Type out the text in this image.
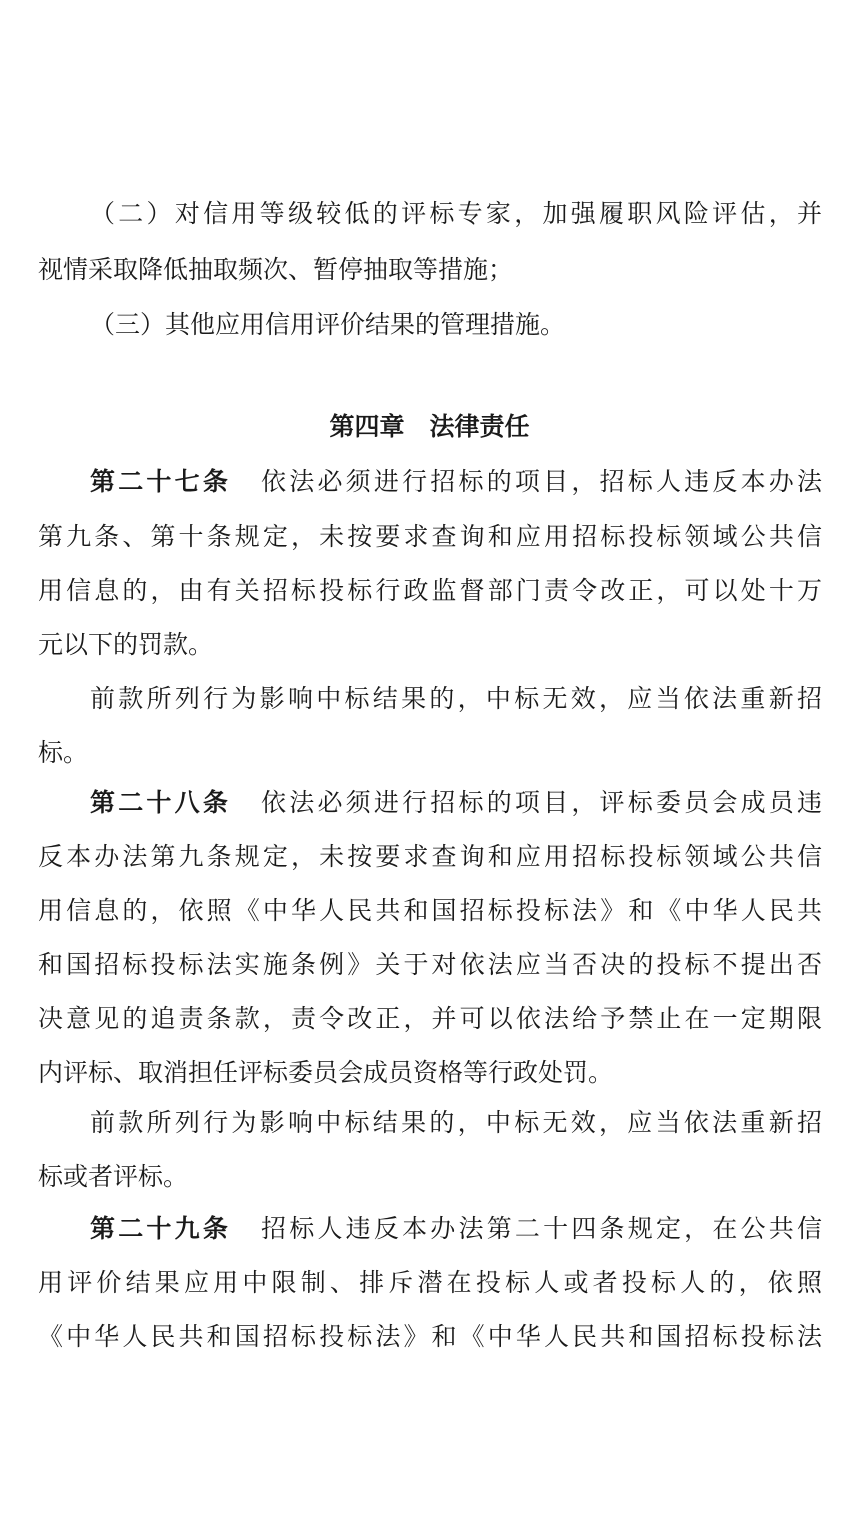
（二）对信用等级较低的评标专家，加强履职风险评估，并
视情采取降低抽取频次、暂停抽取等措施；
（三）其他应用信用评价结果的管理措施。
第四章　法律责任
第二十七条 依法必须进行招标的项目，招标人违反本办法
第九条、第十条规定，未按要求查询和应用招标投标领域公共信
用信息的，由有关招标投标行政监督部门责令改正，可以处十万
元以下的罚款。
前款所列行为影响中标结果的，中标无效，应当依法重新招
标。
第二十八条 依法必须进行招标的项目，评标委员会成员违
反本办法第九条规定，未按要求查询和应用招标投标领域公共信
用信息的，依照《中华人民共和国招标投标法》和《中华人民共
和国招标投标法实施条例》关于对依法应当否决的投标不提出否
决意见的追责条款，责令改正，并可以依法给予禁止在一定期限
内评标、取消担任评标委员会成员资格等行政处罚。
前款所列行为影响中标结果的，中标无效，应当依法重新招
标或者评标。
第二十九条 招标人违反本办法第二十四条规定，在公共信
用评价结果应用中限制、排斥潜在投标人或者投标人的，依照
《中华人民共和国招标投标法》和《中华人民共和国招标投标法
